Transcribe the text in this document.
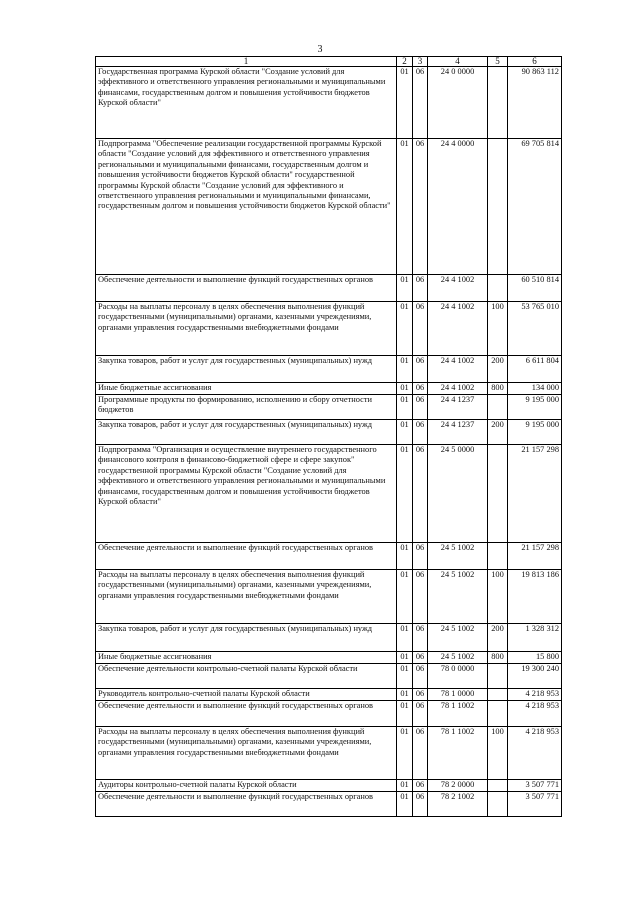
3
1	2	3	4	5	6
Государственная программа Курской области "Создание условий для эффективного и ответственного управления региональными и муниципальными финансами, государственным долгом и повышения устойчивости бюджетов Курской области"	01	06	24 0 0000		90 863 112
Подпрограмма "Обеспечение реализации государственной программы Курской области "Создание условий для эффективного и ответственного управления региональными и муниципальными финансами, государственным долгом и повышения устойчивости бюджетов Курской области" государственной программы Курской области "Создание условий для эффективного и ответственного управления региональными и муниципальными финансами, государственным долгом и повышения устойчивости бюджетов Курской области"	01	06	24 4 0000		69 705 814
Обеспечение деятельности и выполнение функций государственных органов	01	06	24 4 1002		60 510 814
Расходы на выплаты персоналу в целях обеспечения выполнения функций государственными (муниципальными) органами, казенными учреждениями, органами управления государственными внебюджетными фондами	01	06	24 4 1002	100	53 765 010
Закупка товаров, работ и услуг для государственных (муниципальных) нужд	01	06	24 4 1002	200	6 611 804
Иные бюджетные ассигнования	01	06	24 4 1002	800	134 000
Программные продукты по формированию, исполнению и сбору отчетности бюджетов	01	06	24 4 1237		9 195 000
Закупка товаров, работ и услуг для государственных (муниципальных) нужд	01	06	24 4 1237	200	9 195 000
Подпрограмма "Организация и осуществление внутреннего государственного финансового контроля в финансово-бюджетной сфере и сфере закупок" государственной программы Курской области "Создание условий для эффективного и ответственного управления региональными и муниципальными финансами, государственным долгом и повышения устойчивости бюджетов Курской области"	01	06	24 5 0000		21 157 298
Обеспечение деятельности и выполнение функций государственных органов	01	06	24 5 1002		21 157 298
Расходы на выплаты персоналу в целях обеспечения выполнения функций государственными (муниципальными) органами, казенными учреждениями, органами управления государственными внебюджетными фондами	01	06	24 5 1002	100	19 813 186
Закупка товаров, работ и услуг для государственных (муниципальных) нужд	01	06	24 5 1002	200	1 328 312
Иные бюджетные ассигнования	01	06	24 5 1002	800	15 800
Обеспечение деятельности контрольно-счетной палаты Курской области	01	06	78 0 0000		19 300 240
Руководитель контрольно-счетной палаты Курской области	01	06	78 1 0000		4 218 953
Обеспечение деятельности и выполнение функций государственных органов	01	06	78 1 1002		4 218 953
Расходы на выплаты персоналу в целях обеспечения выполнения функций государственными (муниципальными) органами, казенными учреждениями, органами управления государственными внебюджетными фондами	01	06	78 1 1002	100	4 218 953
Аудиторы контрольно-счетной палаты Курской области	01	06	78 2 0000		3 507 771
Обеспечение деятельности и выполнение функций государственных органов	01	06	78 2 1002		3 507 771
